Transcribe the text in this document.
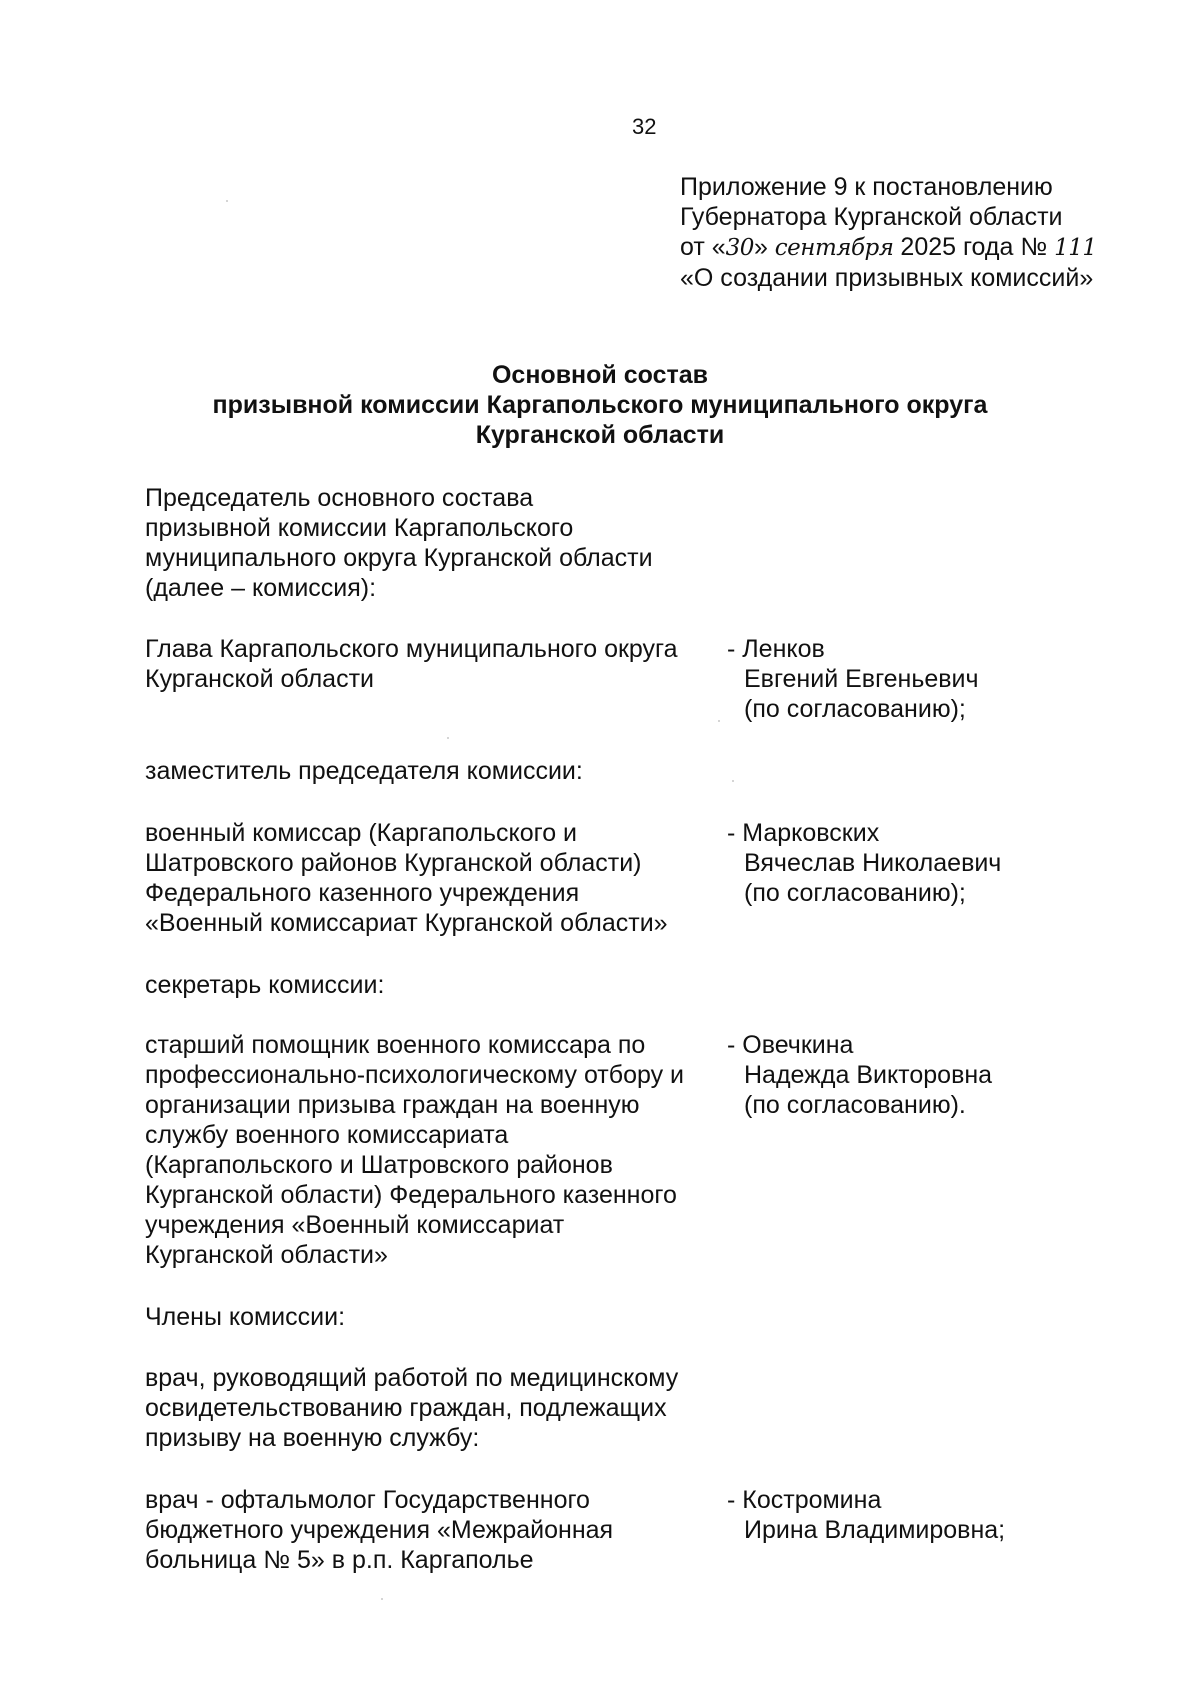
32
Приложение 9 к постановлению
Губернатора Курганской области
от «30» сентября 2025 года № 111
«О создании призывных комиссий»
Основной состав
призывной комиссии Каргапольского муниципального округа
Курганской области
Председатель основного состава
призывной комиссии Каргапольского
муниципального округа Курганской области
(далее – комиссия):
Глава Каргапольского муниципального округа
Курганской области
- Ленков
Евгений Евгеньевич
(по согласованию);
заместитель председателя комиссии:
военный комиссар (Каргапольского и
Шатровского районов Курганской области)
Федерального казенного учреждения
«Военный комиссариат Курганской области»
- Марковских
Вячеслав Николаевич
(по согласованию);
секретарь комиссии:
старший помощник военного комиссара по
профессионально-психологическому отбору и
организации призыва граждан на военную
службу военного комиссариата
(Каргапольского и Шатровского районов
Курганской области) Федерального казенного
учреждения «Военный комиссариат
Курганской области»
- Овечкина
Надежда Викторовна
(по согласованию).
Члены комиссии:
врач, руководящий работой по медицинскому
освидетельствованию граждан, подлежащих
призыву на военную службу:
врач - офтальмолог Государственного
бюджетного учреждения «Межрайонная
больница № 5» в р.п. Каргаполье
- Костромина
Ирина Владимировна;
